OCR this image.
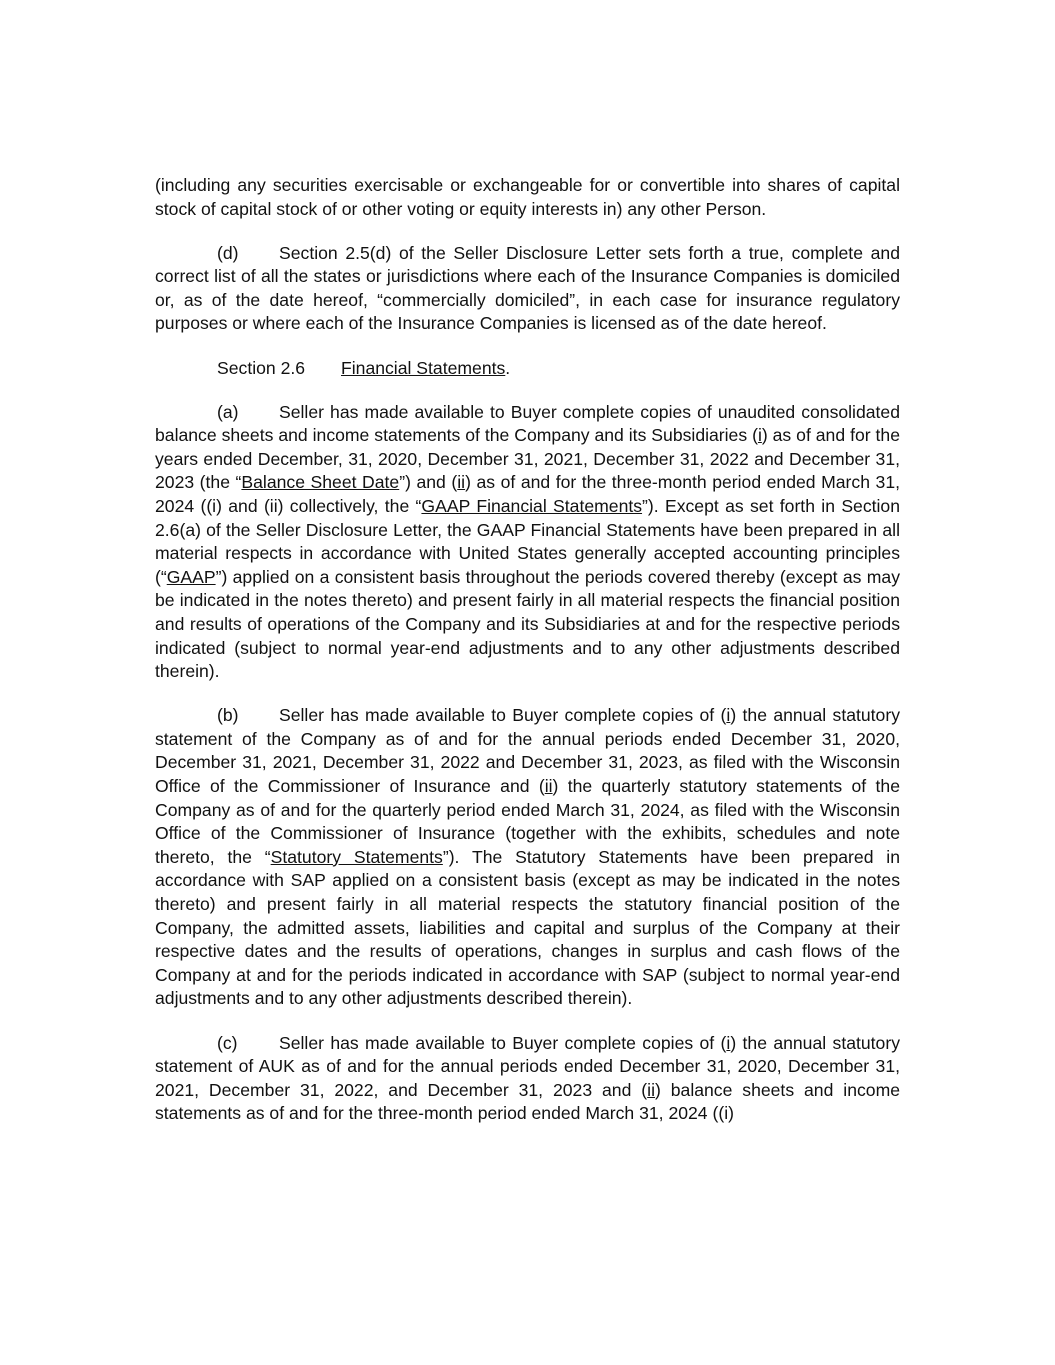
(including any securities exercisable or exchangeable for or convertible into shares of capital stock of capital stock of or other voting or equity interests in) any other Person.

(d) Section 2.5(d) of the Seller Disclosure Letter sets forth a true, complete and correct list of all the states or jurisdictions where each of the Insurance Companies is domiciled or, as of the date hereof, “commercially domiciled”, in each case for insurance regulatory purposes or where each of the Insurance Companies is licensed as of the date hereof.

Section 2.6 Financial Statements.

(a) Seller has made available to Buyer complete copies of unaudited consolidated balance sheets and income statements of the Company and its Subsidiaries (i) as of and for the years ended December, 31, 2020, December 31, 2021, December 31, 2022 and December 31, 2023 (the “Balance Sheet Date”) and (ii) as of and for the three-month period ended March 31, 2024 ((i) and (ii) collectively, the “GAAP Financial Statements”). Except as set forth in Section 2.6(a) of the Seller Disclosure Letter, the GAAP Financial Statements have been prepared in all material respects in accordance with United States generally accepted accounting principles (“GAAP”) applied on a consistent basis throughout the periods covered thereby (except as may be indicated in the notes thereto) and present fairly in all material respects the financial position and results of operations of the Company and its Subsidiaries at and for the respective periods indicated (subject to normal year-end adjustments and to any other adjustments described therein).

(b) Seller has made available to Buyer complete copies of (i) the annual statutory statement of the Company as of and for the annual periods ended December 31, 2020, December 31, 2021, December 31, 2022 and December 31, 2023, as filed with the Wisconsin Office of the Commissioner of Insurance and (ii) the quarterly statutory statements of the Company as of and for the quarterly period ended March 31, 2024, as filed with the Wisconsin Office of the Commissioner of Insurance (together with the exhibits, schedules and note thereto, the “Statutory Statements”). The Statutory Statements have been prepared in accordance with SAP applied on a consistent basis (except as may be indicated in the notes thereto) and present fairly in all material respects the statutory financial position of the Company, the admitted assets, liabilities and capital and surplus of the Company at their respective dates and the results of operations, changes in surplus and cash flows of the Company at and for the periods indicated in accordance with SAP (subject to normal year-end adjustments and to any other adjustments described therein).

(c) Seller has made available to Buyer complete copies of (i) the annual statutory statement of AUK as of and for the annual periods ended December 31, 2020, December 31, 2021, December 31, 2022, and December 31, 2023 and (ii) balance sheets and income statements as of and for the three-month period ended March 31, 2024 ((i)
